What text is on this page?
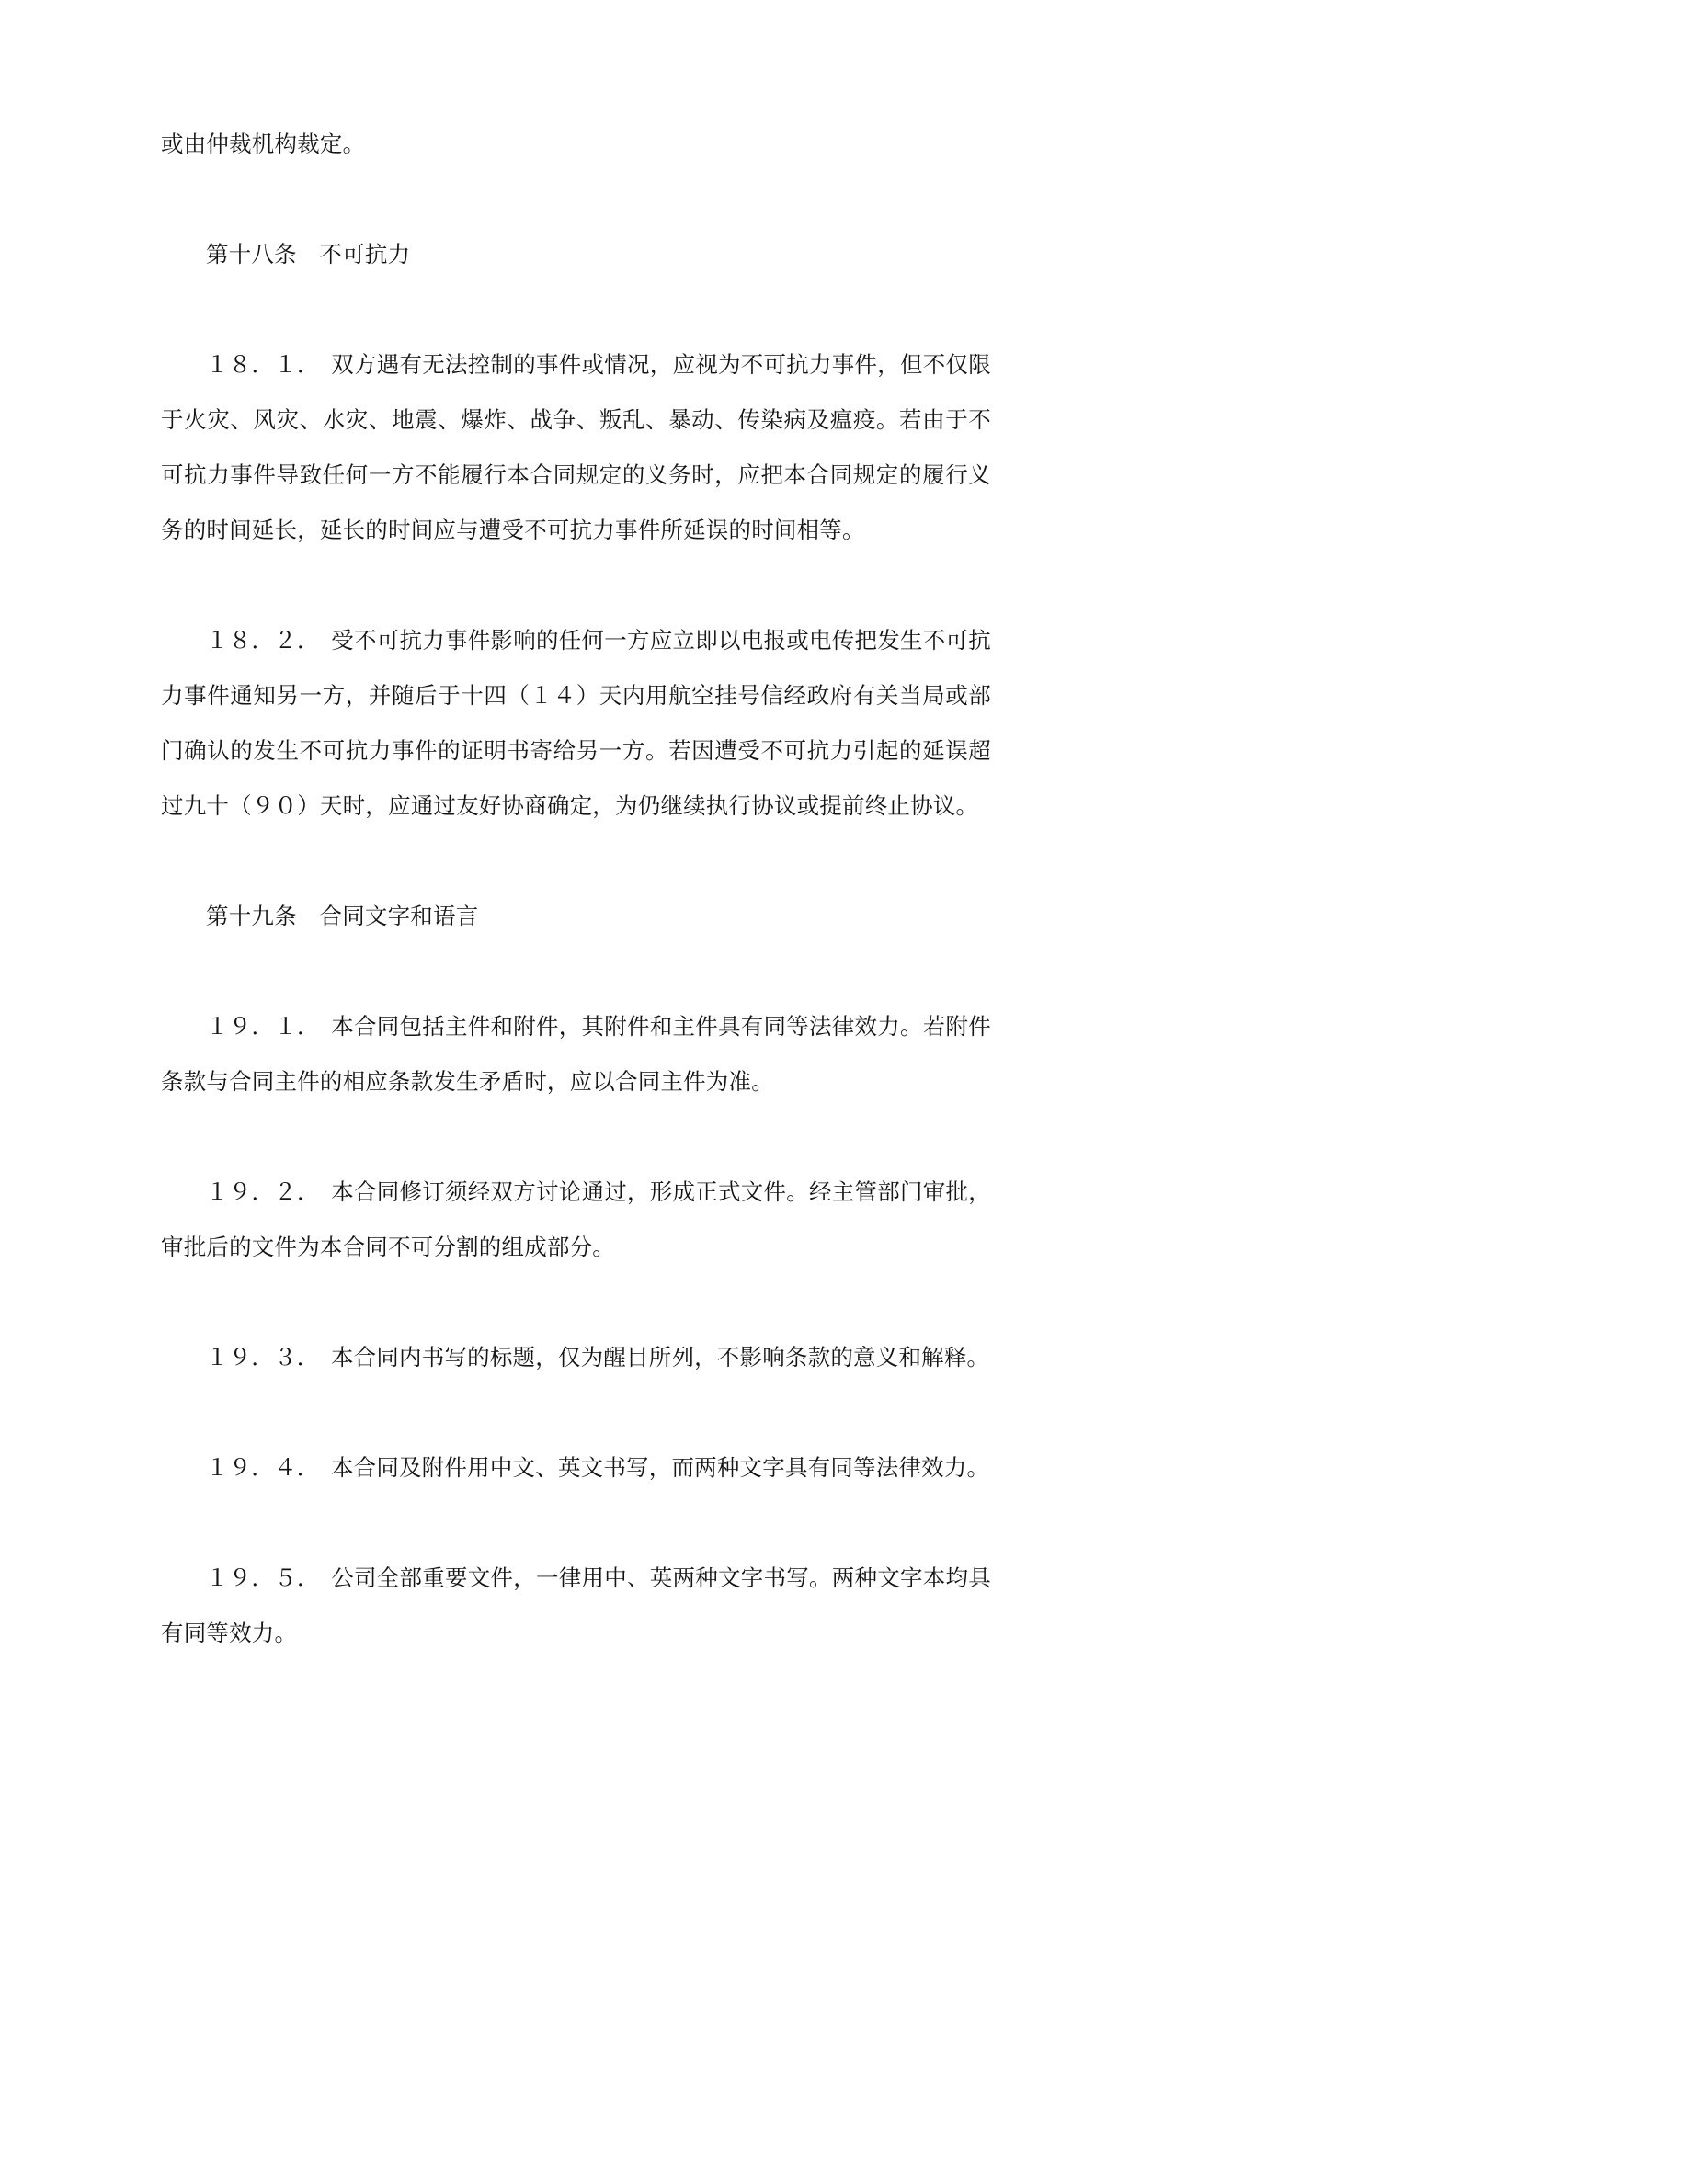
或由仲裁机构裁定。

第十八条　不可抗力

１８．１．　双方遇有无法控制的事件或情况，应视为不可抗力事件，但不仅限于火灾、风灾、水灾、地震、爆炸、战争、叛乱、暴动、传染病及瘟疫。若由于不可抗力事件导致任何一方不能履行本合同规定的义务时，应把本合同规定的履行义务的时间延长，延长的时间应与遭受不可抗力事件所延误的时间相等。

１８．２．　受不可抗力事件影响的任何一方应立即以电报或电传把发生不可抗力事件通知另一方，并随后于十四（１４）天内用航空挂号信经政府有关当局或部门确认的发生不可抗力事件的证明书寄给另一方。若因遭受不可抗力引起的延误超过九十（９０）天时，应通过友好协商确定，为仍继续执行协议或提前终止协议。

第十九条　合同文字和语言

１９．１．　本合同包括主件和附件，其附件和主件具有同等法律效力。若附件条款与合同主件的相应条款发生矛盾时，应以合同主件为准。

１９．２．　本合同修订须经双方讨论通过，形成正式文件。经主管部门审批，审批后的文件为本合同不可分割的组成部分。

１９．３．　本合同内书写的标题，仅为醒目所列，不影响条款的意义和解释。

１９．４．　本合同及附件用中文、英文书写，而两种文字具有同等法律效力。

１９．５．　公司全部重要文件，一律用中、英两种文字书写。两种文字本均具有同等效力。
